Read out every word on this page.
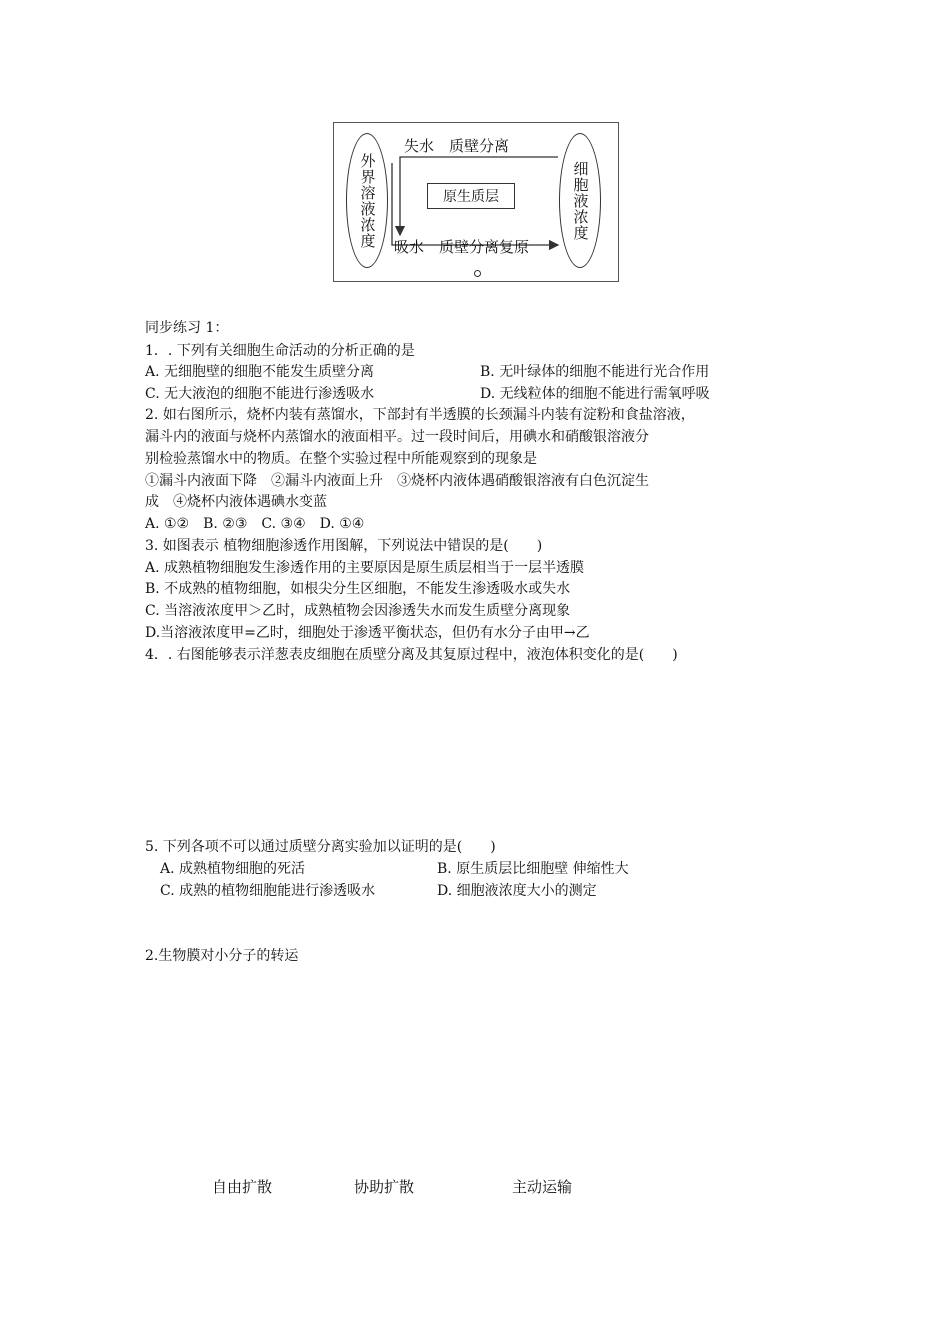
外界溶液浓度	细胞液浓度
失水　质壁分离
原生质层
吸水　质壁分离复原
同步练习 1：
1．. 下列有关细胞生命活动的分析正确的是
A. 无细胞壁的细胞不能发生质壁分离	B. 无叶绿体的细胞不能进行光合作用
C. 无大液泡的细胞不能进行渗透吸水	D. 无线粒体的细胞不能进行需氧呼吸
2. 如右图所示，烧杯内装有蒸馏水，下部封有半透膜的长颈漏斗内装有淀粉和食盐溶液，
漏斗内的液面与烧杯内蒸馏水的液面相平。过一段时间后，用碘水和硝酸银溶液分
别检验蒸馏水中的物质。在整个实验过程中所能观察到的现象是
①漏斗内液面下降　②漏斗内液面上升　③烧杯内液体遇硝酸银溶液有白色沉淀生
成　④烧杯内液体遇碘水变蓝
A. ①②　B. ②③　C. ③④　D. ①④
3. 如图表示 植物细胞渗透作用图解，下列说法中错误的是(　　)
A. 成熟植物细胞发生渗透作用的主要原因是原生质层相当于一层半透膜
B. 不成熟的植物细胞，如根尖分生区细胞，不能发生渗透吸水或失水
C. 当溶液浓度甲＞乙时，成熟植物会因渗透失水而发生质壁分离现象
D.当溶液浓度甲=乙时，细胞处于渗透平衡状态，但仍有水分子由甲→乙
4．. 右图能够表示洋葱表皮细胞在质壁分离及其复原过程中，液泡体积变化的是(　　)
5. 下列各项不可以通过质壁分离实验加以证明的是(　　)
A. 成熟植物细胞的死活	B. 原生质层比细胞壁 伸缩性大
C. 成熟的植物细胞能进行渗透吸水	D. 细胞液浓度大小的测定
2.生物膜对小分子的转运
自由扩散	协助扩散	主动运输
